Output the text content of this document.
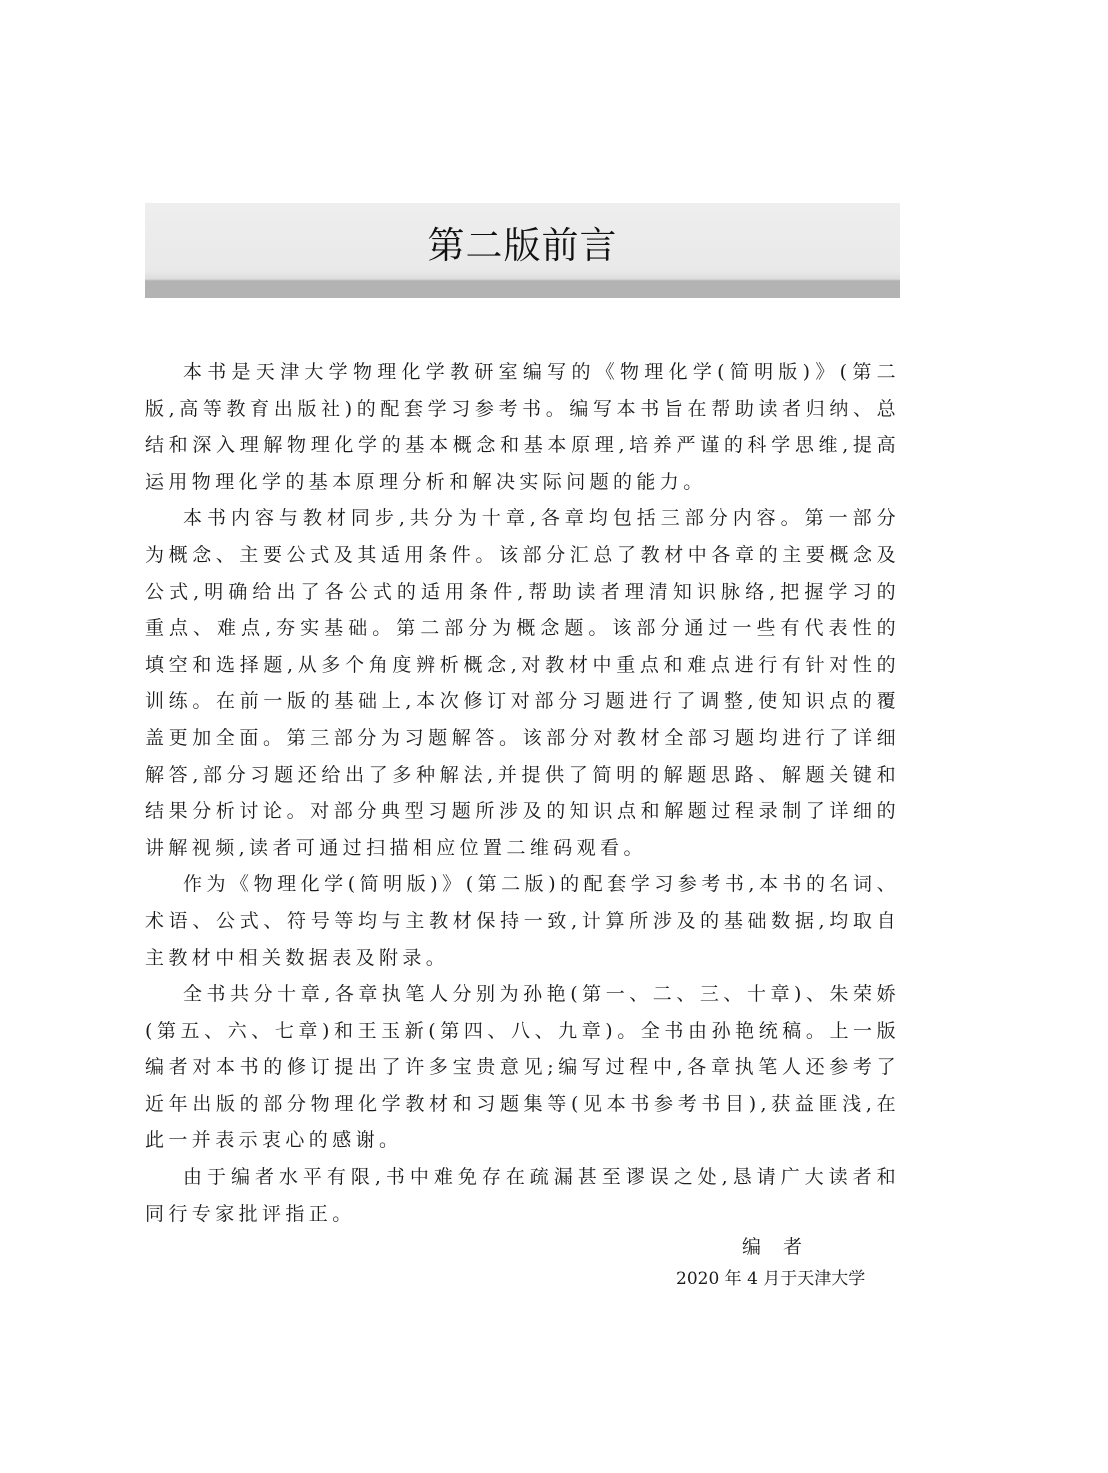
第二版前言

本书是天津大学物理化学教研室编写的《物理化学(简明版)》(第二版,高等教育出版社)的配套学习参考书。编写本书旨在帮助读者归纳、总结和深入理解物理化学的基本概念和基本原理,培养严谨的科学思维,提高运用物理化学的基本原理分析和解决实际问题的能力。

本书内容与教材同步,共分为十章,各章均包括三部分内容。第一部分为概念、主要公式及其适用条件。该部分汇总了教材中各章的主要概念及公式,明确给出了各公式的适用条件,帮助读者理清知识脉络,把握学习的重点、难点,夯实基础。第二部分为概念题。该部分通过一些有代表性的填空和选择题,从多个角度辨析概念,对教材中重点和难点进行有针对性的训练。在前一版的基础上,本次修订对部分习题进行了调整,使知识点的覆盖更加全面。第三部分为习题解答。该部分对教材全部习题均进行了详细解答,部分习题还给出了多种解法,并提供了简明的解题思路、解题关键和结果分析讨论。对部分典型习题所涉及的知识点和解题过程录制了详细的讲解视频,读者可通过扫描相应位置二维码观看。

作为《物理化学(简明版)》(第二版)的配套学习参考书,本书的名词、术语、公式、符号等均与主教材保持一致,计算所涉及的基础数据,均取自主教材中相关数据表及附录。

全书共分十章,各章执笔人分别为孙艳(第一、二、三、十章)、朱荣娇(第五、六、七章)和王玉新(第四、八、九章)。全书由孙艳统稿。上一版编者对本书的修订提出了许多宝贵意见;编写过程中,各章执笔人还参考了近年出版的部分物理化学教材和习题集等(见本书参考书目),获益匪浅,在此一并表示衷心的感谢。

由于编者水平有限,书中难免存在疏漏甚至谬误之处,恳请广大读者和同行专家批评指正。

编者
2020 年 4 月于天津大学
